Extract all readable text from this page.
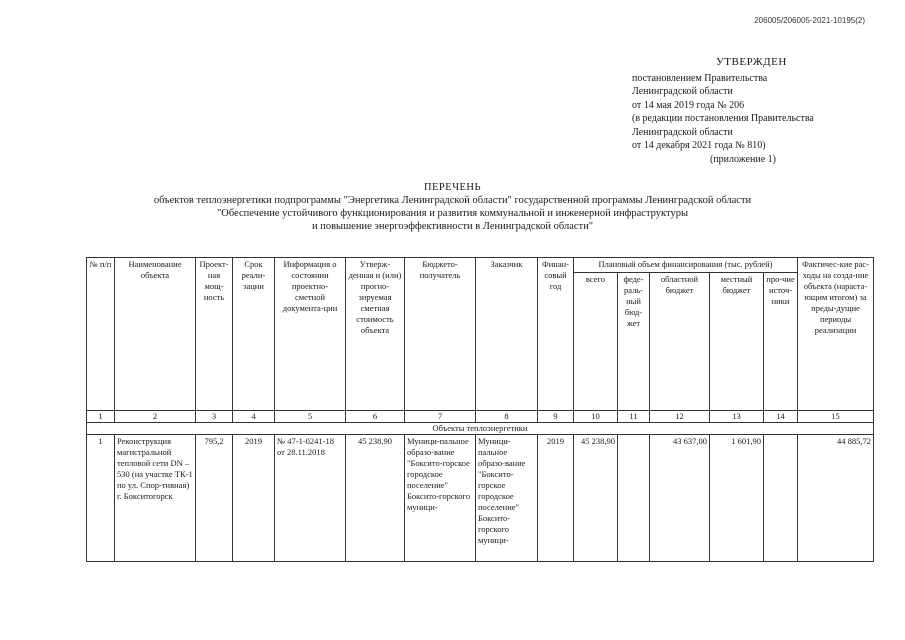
206005/206005-2021-10195(2)
УТВЕРЖДЕН
постановлением Правительства
Ленинградской области
от 14 мая 2019 года № 206
(в редакции постановления Правительства
Ленинградской области
от 14 декабря 2021 года № 810)
(приложение 1)
ПЕРЕЧЕНЬ
объектов теплоэнергетики подпрограммы "Энергетика Ленинградской области" государственной программы Ленинградской области
"Обеспечение устойчивого функционирования и развития коммунальной и инженерной инфраструктуры
и повышение энергоэффективности в Ленинградской области"
№ п/п	Наименование объекта	Проект-ная мощ-ность	Срок реали-зации	Информация о состоянии проектно-сметной документа-ции	Утверж-денная и (или) прогно-зируемая сметная стоимость объекта	Бюджето-получатель	Заказчик	Финан-совый год	Плановый объем финансирования (тыс. рублей)					Фактичес-кие рас-ходы на созда-ние объекта (нараста-ющим итогом) за преды-дущие периоды реализации
									всего	феде-раль-ный бюд-жет	областной бюджет	местный бюджет	про-чие источ-ники	
1	2	3	4	5	6	7	8	9	10	11	12	13	14	15
Объекты теплоэнергетики														
1	Реконструкция магистральной тепловой сети DN – 530 (на участке ТК-1 по ул. Спор-тивная) г. Бокситогорск	795,2	2019	№ 47-1-0241-18 от 28.11.2018	45 238,90	Муници-пальное образо-вание "Боксито-горское городское поселение" Боксито-горского муници-	Муници-пальное образо-вание "Боксито-горское городское поселение" Боксито-горского муници-	2019	45 238,90		43 637,00	1 601,90		44 885,72
